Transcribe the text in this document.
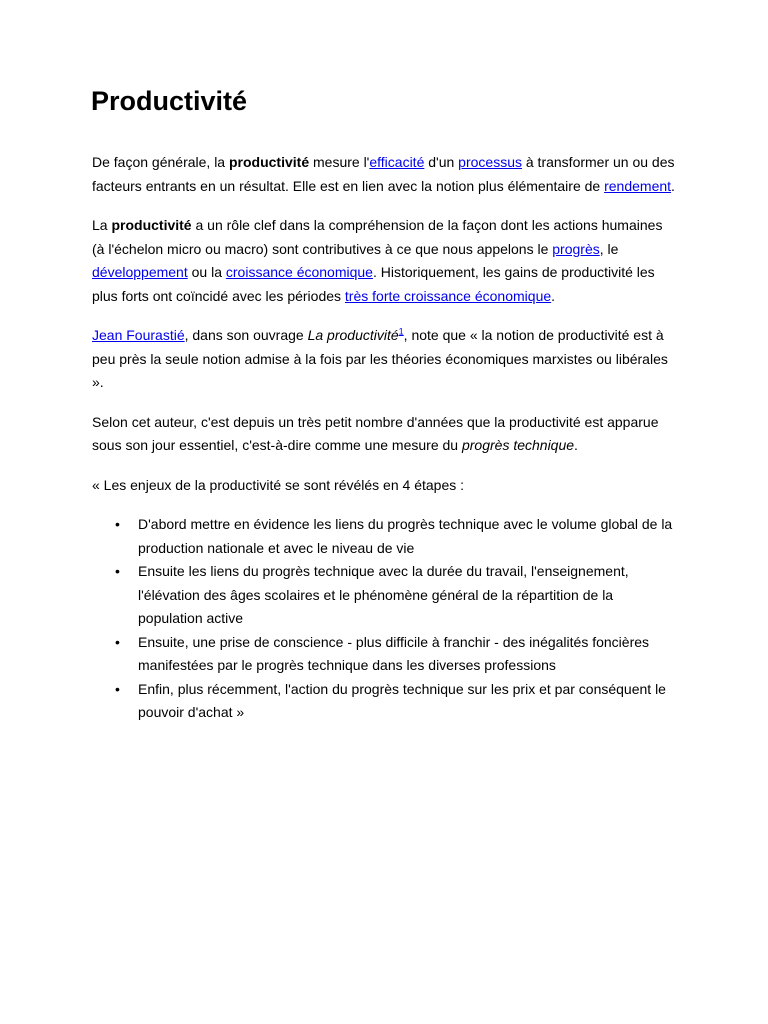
Productivité

De façon générale, la productivité mesure l'efficacité d'un processus à transformer un ou des facteurs entrants en un résultat. Elle est en lien avec la notion plus élémentaire de rendement.

La productivité a un rôle clef dans la compréhension de la façon dont les actions humaines (à l'échelon micro ou macro) sont contributives à ce que nous appelons le progrès, le développement ou la croissance économique. Historiquement, les gains de productivité les plus forts ont coïncidé avec les périodes très forte croissance économique.

Jean Fourastié, dans son ouvrage La productivité$^1$, note que « la notion de productivité est à peu près la seule notion admise à la fois par les théories économiques marxistes ou libérales ».

Selon cet auteur, c'est depuis un très petit nombre d'années que la productivité est apparue sous son jour essentiel, c'est-à-dire comme une mesure du progrès technique.

« Les enjeux de la productivité se sont révélés en 4 étapes :

• D'abord mettre en évidence les liens du progrès technique avec le volume global de la production nationale et avec le niveau de vie
• Ensuite les liens du progrès technique avec la durée du travail, l'enseignement, l'élévation des âges scolaires et le phénomène général de la répartition de la population active
• Ensuite, une prise de conscience - plus difficile à franchir - des inégalités foncières manifestées par le progrès technique dans les diverses professions
• Enfin, plus récemment, l'action du progrès technique sur les prix et par conséquent le pouvoir d'achat »
